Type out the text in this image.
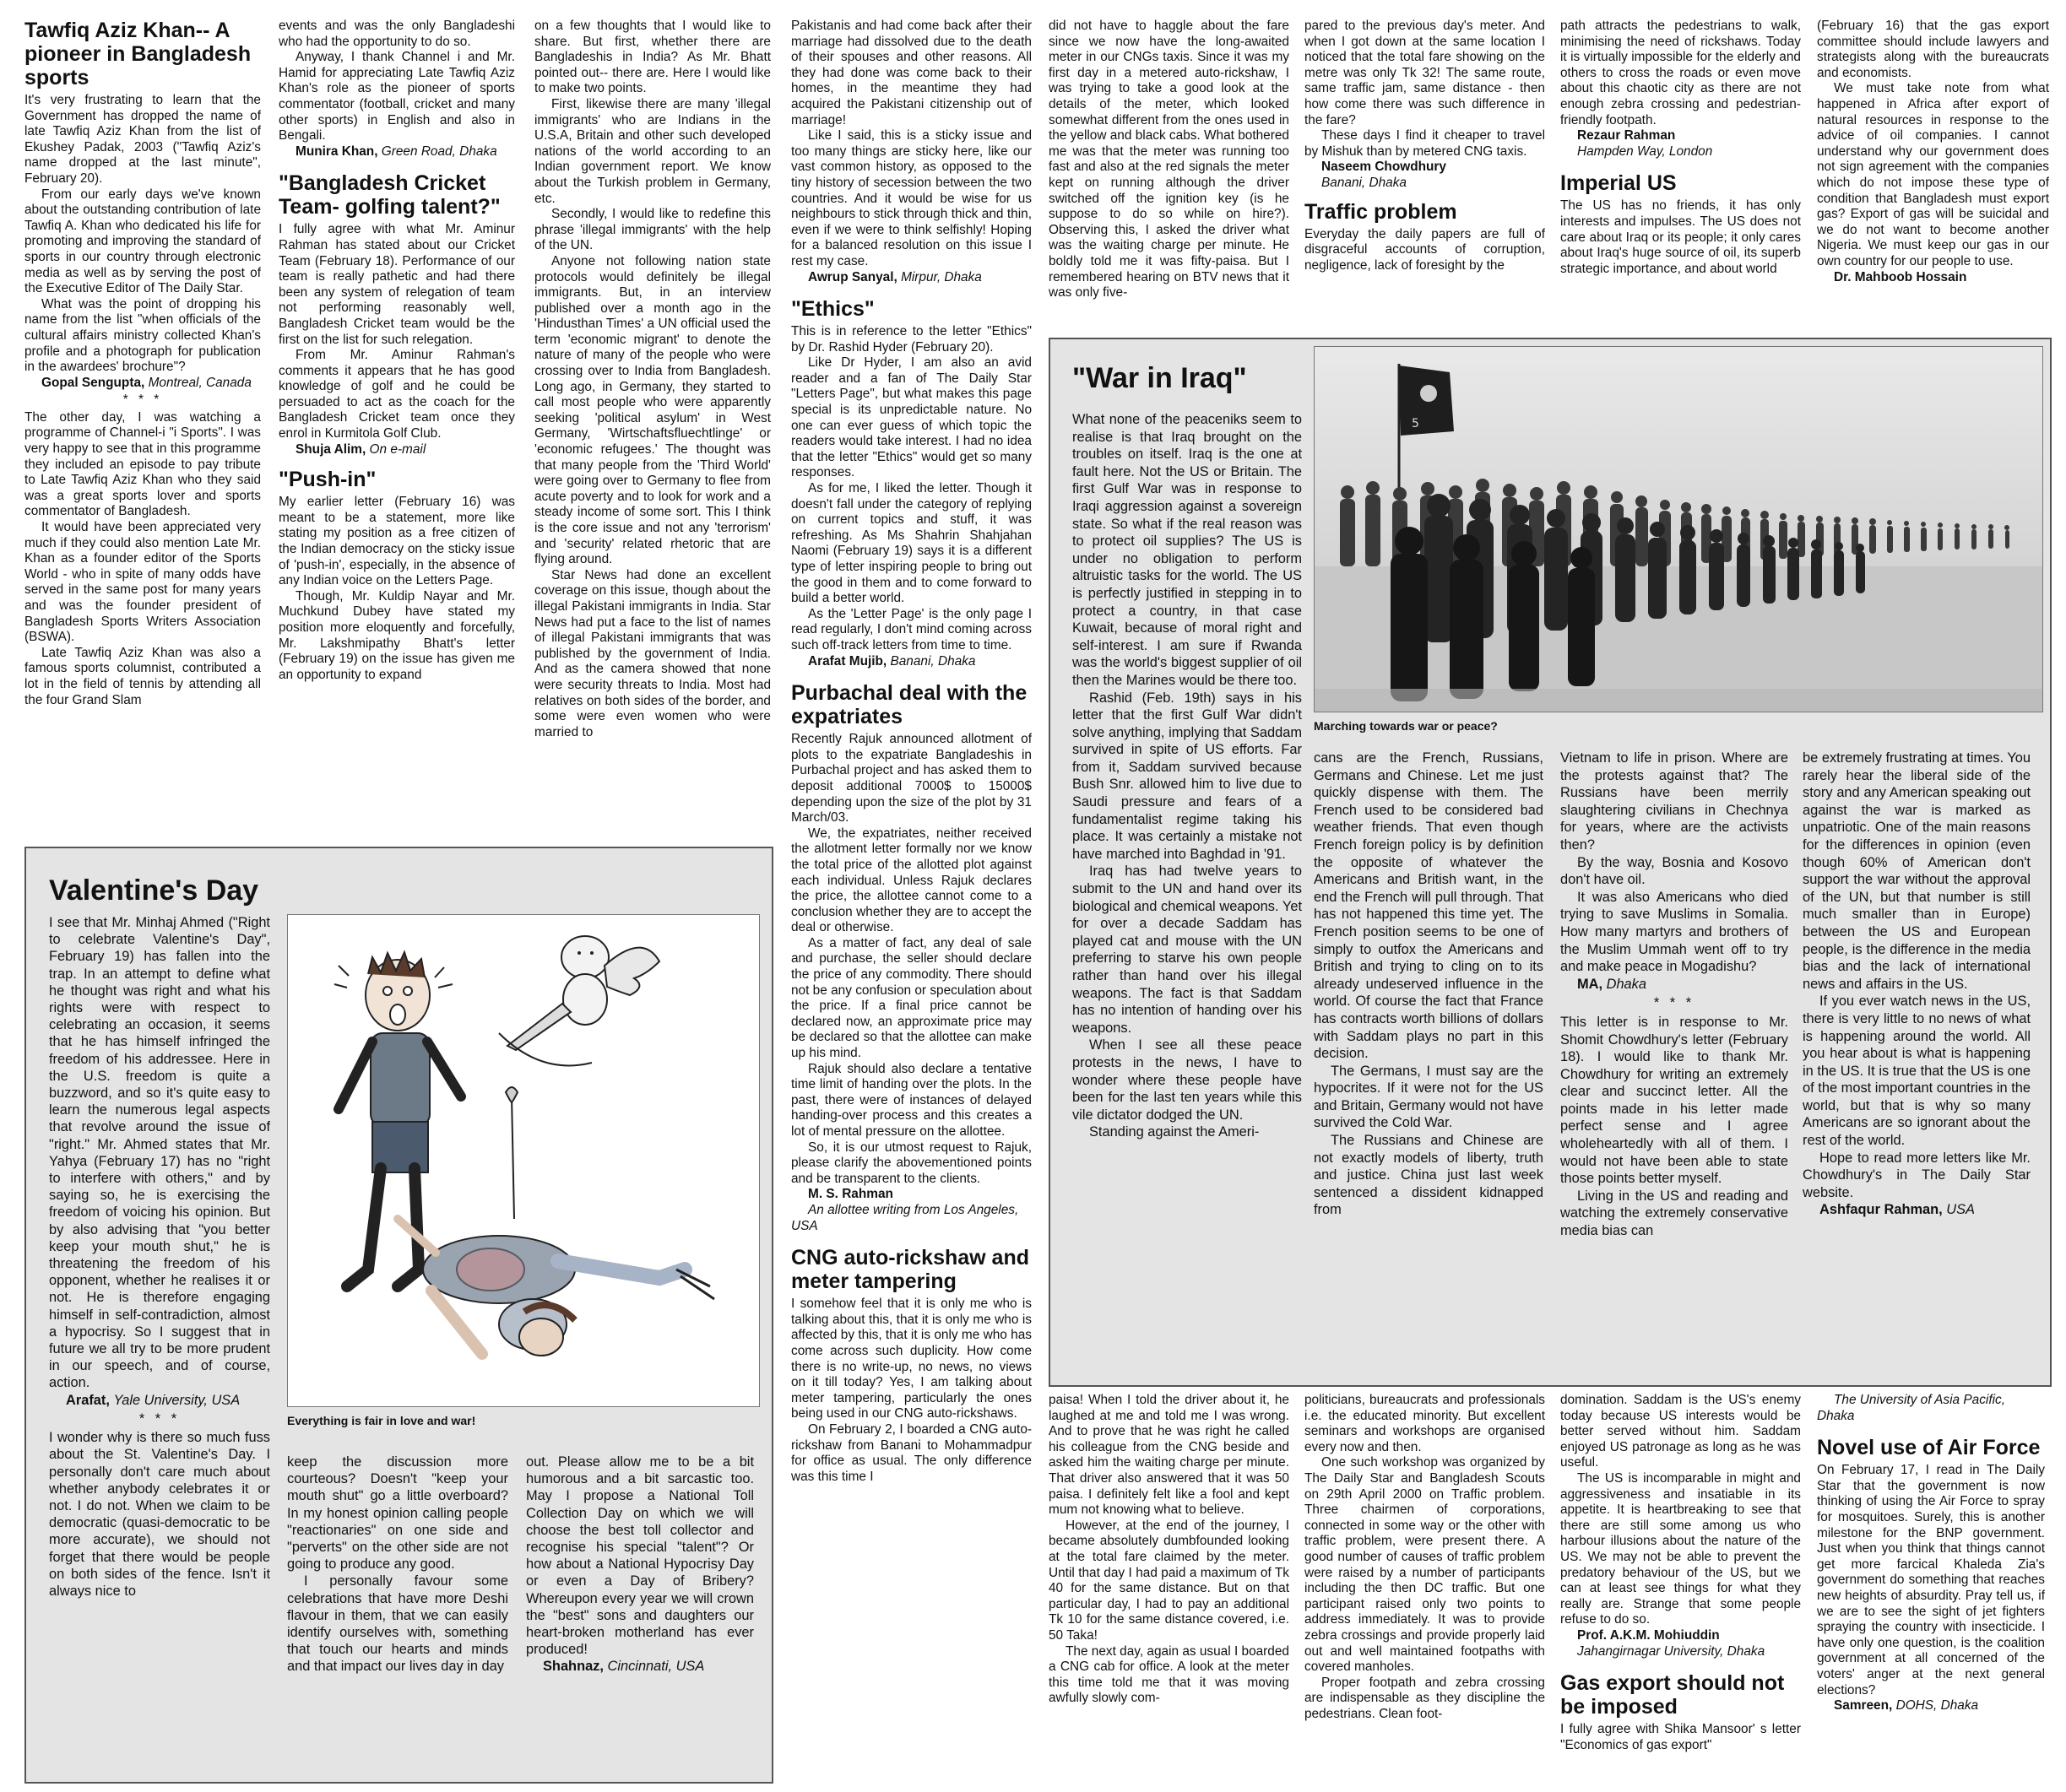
Tawfiq Aziz Khan-- A pioneer in Bangladesh sports

It's very frustrating to learn that the Government has dropped the name of late Tawfiq Aziz Khan from the list of Ekushey Padak, 2003 ("Tawfiq Aziz's name dropped at the last minute", February 20).

From our early days we've known about the outstanding contribution of late Tawfiq A. Khan who dedicated his life for promoting and improving the standard of sports in our country through electronic media as well as by serving the post of the Executive Editor of The Daily Star.

What was the point of dropping his name from the list "when officials of the cultural affairs ministry collected Khan's profile and a photograph for publication in the awardees' brochure"?

Gopal Sengupta, Montreal, Canada

* * *

The other day, I was watching a programme of Channel-i "i Sports". I was very happy to see that in this programme they included an episode to pay tribute to Late Tawfiq Aziz Khan who they said was a great sports lover and sports commentator of Bangladesh.

It would have been appreciated very much if they could also mention Late Mr. Khan as a founder editor of the Sports World - who in spite of many odds have served in the same post for many years and was the founder president of Bangladesh Sports Writers Association (BSWA).

Late Tawfiq Aziz Khan was also a famous sports columnist, contributed a lot in the field of tennis by attending all the four Grand Slam

events and was the only Bangladeshi who had the opportunity to do so.

Anyway, I thank Channel i and Mr. Hamid for appreciating Late Tawfiq Aziz Khan's role as the pioneer of sports commentator (football, cricket and many other sports) in English and also in Bengali.

Munira Khan, Green Road, Dhaka

"Bangladesh Cricket Team- golfing talent?"

I fully agree with what Mr. Aminur Rahman has stated about our Cricket Team (February 18). Performance of our team is really pathetic and had there been any system of relegation of team not performing reasonably well, Bangladesh Cricket team would be the first on the list for such relegation.

From Mr. Aminur Rahman's comments it appears that he has good knowledge of golf and he could be persuaded to act as the coach for the Bangladesh Cricket team once they enrol in Kurmitola Golf Club.

Shuja Alim, On e-mail

"Push-in"

My earlier letter (February 16) was meant to be a statement, more like stating my position as a free citizen of the Indian democracy on the sticky issue of 'push-in', especially, in the absence of any Indian voice on the Letters Page.

Though, Mr. Kuldip Nayar and Mr. Muchkund Dubey have stated my position more eloquently and forcefully, Mr. Lakshmipathy Bhatt's letter (February 19) on the issue has given me an opportunity to expand

on a few thoughts that I would like to share. But first, whether there are Bangladeshis in India? As Mr. Bhatt pointed out-- there are. Here I would like to make two points.

First, likewise there are many 'illegal immigrants' who are Indians in the U.S.A, Britain and other such developed nations of the world according to an Indian government report. We know about the Turkish problem in Germany, etc.

Secondly, I would like to redefine this phrase 'illegal immigrants' with the help of the UN.

Anyone not following nation state protocols would definitely be illegal immigrants. But, in an interview published over a month ago in the 'Hindusthan Times' a UN official used the term 'economic migrant' to denote the nature of many of the people who were crossing over to India from Bangladesh. Long ago, in Germany, they started to call most people who were apparently seeking 'political asylum' in West Germany, 'Wirtschaftsfluechtlinge' or 'economic refugees.' The thought was that many people from the 'Third World' were going over to Germany to flee from acute poverty and to look for work and a steady income of some sort. This I think is the core issue and not any 'terrorism' and 'security' related rhetoric that are flying around.

Star News had done an excellent coverage on this issue, though about the illegal Pakistani immigrants in India. Star News had put a face to the list of names of illegal Pakistani immigrants that was published by the government of India. And as the camera showed that none were security threats to India. Most had relatives on both sides of the border, and some were even women who were married to

Pakistanis and had come back after their marriage had dissolved due to the death of their spouses and other reasons. All they had done was come back to their homes, in the meantime they had acquired the Pakistani citizenship out of marriage!

Like I said, this is a sticky issue and too many things are sticky here, like our vast common history, as opposed to the tiny history of secession between the two countries. And it would be wise for us neighbours to stick through thick and thin, even if we were to think selfishly! Hoping for a balanced resolution on this issue I rest my case.

Awrup Sanyal, Mirpur, Dhaka

"Ethics"

This is in reference to the letter "Ethics" by Dr. Rashid Hyder (February 20).

Like Dr Hyder, I am also an avid reader and a fan of The Daily Star "Letters Page", but what makes this page special is its unpredictable nature. No one can ever guess of which topic the readers would take interest. I had no idea that the letter "Ethics" would get so many responses.

As for me, I liked the letter. Though it doesn't fall under the category of replying on current topics and stuff, it was refreshing. As Ms Shahrin Shahjahan Naomi (February 19) says it is a different type of letter inspiring people to bring out the good in them and to come forward to build a better world.

As the 'Letter Page' is the only page I read regularly, I don't mind coming across such off-track letters from time to time.

Arafat Mujib, Banani, Dhaka

Purbachal deal with the expatriates

Recently Rajuk announced allotment of plots to the expatriate Bangladeshis in Purbachal project and has asked them to deposit additional 7000$ to 15000$ depending upon the size of the plot by 31 March/03.

We, the expatriates, neither received the allotment letter formally nor we know the total price of the allotted plot against each individual. Unless Rajuk declares the price, the allottee cannot come to a conclusion whether they are to accept the deal or otherwise.

As a matter of fact, any deal of sale and purchase, the seller should declare the price of any commodity. There should not be any confusion or speculation about the price. If a final price cannot be declared now, an approximate price may be declared so that the allottee can make up his mind.

Rajuk should also declare a tentative time limit of handing over the plots. In the past, there were of instances of delayed handing-over process and this creates a lot of mental pressure on the allottee.

So, it is our utmost request to Rajuk, please clarify the abovementioned points and be transparent to the clients.

M. S. Rahman

An allottee writing from Los Angeles, USA

CNG auto-rickshaw and meter tampering

I somehow feel that it is only me who is talking about this, that it is only me who is affected by this, that it is only me who has come across such duplicity. How come there is no write-up, no news, no views on it till today? Yes, I am talking about meter tampering, particularly the ones being used in our CNG auto-rickshaws.

On February 2, I boarded a CNG auto-rickshaw from Banani to Mohammadpur for office as usual. The only difference was this time I

did not have to haggle about the fare since we now have the long-awaited meter in our CNGs taxis. Since it was my first day in a metered auto-rickshaw, I was trying to take a good look at the details of the meter, which looked somewhat different from the ones used in the yellow and black cabs. What bothered me was that the meter was running too fast and also at the red signals the meter kept on running although the driver switched off the ignition key (is he suppose to do so while on hire?). Observing this, I asked the driver what was the waiting charge per minute. He boldly told me it was fifty-paisa. But I remembered hearing on BTV news that it was only five-

pared to the previous day's meter. And when I got down at the same location I noticed that the total fare showing on the metre was only Tk 32! The same route, same traffic jam, same distance - then how come there was such difference in the fare?

These days I find it cheaper to travel by Mishuk than by metered CNG taxis.

Naseem Chowdhury

Banani, Dhaka

Traffic problem

Everyday the daily papers are full of disgraceful accounts of corruption, negligence, lack of foresight by the

path attracts the pedestrians to walk, minimising the need of rickshaws. Today it is virtually impossible for the elderly and others to cross the roads or even move about this chaotic city as there are not enough zebra crossing and pedestrian-friendly footpath.

Rezaur Rahman

Hampden Way, London

Imperial US

The US has no friends, it has only interests and impulses. The US does not care about Iraq or its people; it only cares about Iraq's huge source of oil, its superb strategic importance, and about world

(February 16) that the gas export committee should include lawyers and strategists along with the bureaucrats and economists.

We must take note from what happened in Africa after export of natural resources in response to the advice of oil companies. I cannot understand why our government does not sign agreement with the companies which do not impose these type of condition that Bangladesh must export gas? Export of gas will be suicidal and we do not want to become another Nigeria. We must keep our gas in our own country for our people to use.

Dr. Mahboob Hossain

"War in Iraq"
5
Marching towards war or peace?

What none of the peaceniks seem to realise is that Iraq brought on the troubles on itself. Iraq is the one at fault here. Not the US or Britain. The first Gulf War was in response to Iraqi aggression against a sovereign state. So what if the real reason was to protect oil supplies? The US is under no obligation to perform altruistic tasks for the world. The US is perfectly justified in stepping in to protect a country, in that case Kuwait, because of moral right and self-interest. I am sure if Rwanda was the world's biggest supplier of oil then the Marines would be there too.

Rashid (Feb. 19th) says in his letter that the first Gulf War didn't solve anything, implying that Saddam survived in spite of US efforts. Far from it, Saddam survived because Bush Snr. allowed him to live due to Saudi pressure and fears of a fundamentalist regime taking his place. It was certainly a mistake not have marched into Baghdad in '91.

Iraq has had twelve years to submit to the UN and hand over its biological and chemical weapons. Yet for over a decade Saddam has played cat and mouse with the UN preferring to starve his own people rather than hand over his illegal weapons. The fact is that Saddam has no intention of handing over his weapons.

When I see all these peace protests in the news, I have to wonder where these people have been for the last ten years while this vile dictator dodged the UN.

Standing against the Ameri-

cans are the French, Russians, Germans and Chinese. Let me just quickly dispense with them. The French used to be considered bad weather friends. That even though French foreign policy is by definition the opposite of whatever the Americans and British want, in the end the French will pull through. That has not happened this time yet. The French position seems to be one of simply to outfox the Americans and British and trying to cling on to its already undeserved influence in the world. Of course the fact that France has contracts worth billions of dollars with Saddam plays no part in this decision.

The Germans, I must say are the hypocrites. If it were not for the US and Britain, Germany would not have survived the Cold War.

The Russians and Chinese are not exactly models of liberty, truth and justice. China just last week sentenced a dissident kidnapped from

Vietnam to life in prison. Where are the protests against that? The Russians have been merrily slaughtering civilians in Chechnya for years, where are the activists then?

By the way, Bosnia and Kosovo don't have oil.

It was also Americans who died trying to save Muslims in Somalia. How many martyrs and brothers of the Muslim Ummah went off to try and make peace in Mogadishu?

MA, Dhaka

* * *

This letter is in response to Mr. Shomit Chowdhury's letter (February 18). I would like to thank Mr. Chowdhury for writing an extremely clear and succinct letter. All the points made in his letter made perfect sense and I agree wholeheartedly with all of them. I would not have been able to state those points better myself.

Living in the US and reading and watching the extremely conservative media bias can

be extremely frustrating at times. You rarely hear the liberal side of the story and any American speaking out against the war is marked as unpatriotic. One of the main reasons for the differences in opinion (even though 60% of American don't support the war without the approval of the UN, but that number is still much smaller than in Europe) between the US and European people, is the difference in the media bias and the lack of international news and affairs in the US.

If you ever watch news in the US, there is very little to no news of what is happening around the world. All you hear about is what is happening in the US. It is true that the US is one of the most important countries in the world, but that is why so many Americans are so ignorant about the rest of the world.

Hope to read more letters like Mr. Chowdhury's in The Daily Star website.

Ashfaqur Rahman, USA

Valentine's Day
Everything is fair in love and war!

I see that Mr. Minhaj Ahmed ("Right to celebrate Valentine's Day", February 19) has fallen into the trap. In an attempt to define what he thought was right and what his rights were with respect to celebrating an occasion, it seems that he has himself infringed the freedom of his addressee. Here in the U.S. freedom is quite a buzzword, and so it's quite easy to learn the numerous legal aspects that revolve around the issue of "right." Mr. Ahmed states that Mr. Yahya (February 17) has no "right to interfere with others," and by saying so, he is exercising the freedom of voicing his opinion. But by also advising that "you better keep your mouth shut," he is threatening the freedom of his opponent, whether he realises it or not. He is therefore engaging himself in self-contradiction, almost a hypocrisy. So I suggest that in future we all try to be more prudent in our speech, and of course, action.

Arafat, Yale University, USA

* * *

I wonder why is there so much fuss about the St. Valentine's Day. I personally don't care much about whether anybody celebrates it or not. I do not. When we claim to be democratic (quasi-democratic to be more accurate), we should not forget that there would be people on both sides of the fence. Isn't it always nice to

keep the discussion more courteous? Doesn't "keep your mouth shut" go a little overboard? In my honest opinion calling people "reactionaries" on one side and "perverts" on the other side are not going to produce any good.

I personally favour some celebrations that have more Deshi flavour in them, that we can easily identify ourselves with, something that touch our hearts and minds and that impact our lives day in day

out. Please allow me to be a bit humorous and a bit sarcastic too. May I propose a National Toll Collection Day on which we will choose the best toll collector and recognise his special "talent"? Or how about a National Hypocrisy Day or even a Day of Bribery? Whereupon every year we will crown the "best" sons and daughters our heart-broken motherland has ever produced!

Shahnaz, Cincinnati, USA

paisa! When I told the driver about it, he laughed at me and told me I was wrong. And to prove that he was right he called his colleague from the CNG beside and asked him the waiting charge per minute. That driver also answered that it was 50 paisa. I definitely felt like a fool and kept mum not knowing what to believe.

However, at the end of the journey, I became absolutely dumbfounded looking at the total fare claimed by the meter. Until that day I had paid a maximum of Tk 40 for the same distance. But on that particular day, I had to pay an additional Tk 10 for the same distance covered, i.e. 50 Taka!

The next day, again as usual I boarded a CNG cab for office. A look at the meter this time told me that it was moving awfully slowly com-

politicians, bureaucrats and professionals i.e. the educated minority. But excellent seminars and workshops are organised every now and then.

One such workshop was organized by The Daily Star and Bangladesh Scouts on 29th April 2000 on Traffic problem. Three chairmen of corporations, connected in some way or the other with traffic problem, were present there. A good number of causes of traffic problem were raised by a number of participants including the then DC traffic. But one participant raised only two points to address immediately. It was to provide zebra crossings and provide properly laid out and well maintained footpaths with covered manholes.

Proper footpath and zebra crossing are indispensable as they discipline the pedestrians. Clean foot-

domination. Saddam is the US's enemy today because US interests would be better served without him. Saddam enjoyed US patronage as long as he was useful.

The US is incomparable in might and aggressiveness and insatiable in its appetite. It is heartbreaking to see that there are still some among us who harbour illusions about the nature of the US. We may not be able to prevent the predatory behaviour of the US, but we can at least see things for what they really are. Strange that some people refuse to do so.

Prof. A.K.M. Mohiuddin

Jahangirnagar University, Dhaka

Gas export should not be imposed

I fully agree with Shika Mansoor' s letter "Economics of gas export"

The University of Asia Pacific, Dhaka

Novel use of Air Force

On February 17, I read in The Daily Star that the government is now thinking of using the Air Force to spray for mosquitoes. Surely, this is another milestone for the BNP government. Just when you think that things cannot get more farcical Khaleda Zia's government do something that reaches new heights of absurdity. Pray tell us, if we are to see the sight of jet fighters spraying the country with insecticide. I have only one question, is the coalition government at all concerned of the voters' anger at the next general elections?

Samreen, DOHS, Dhaka
